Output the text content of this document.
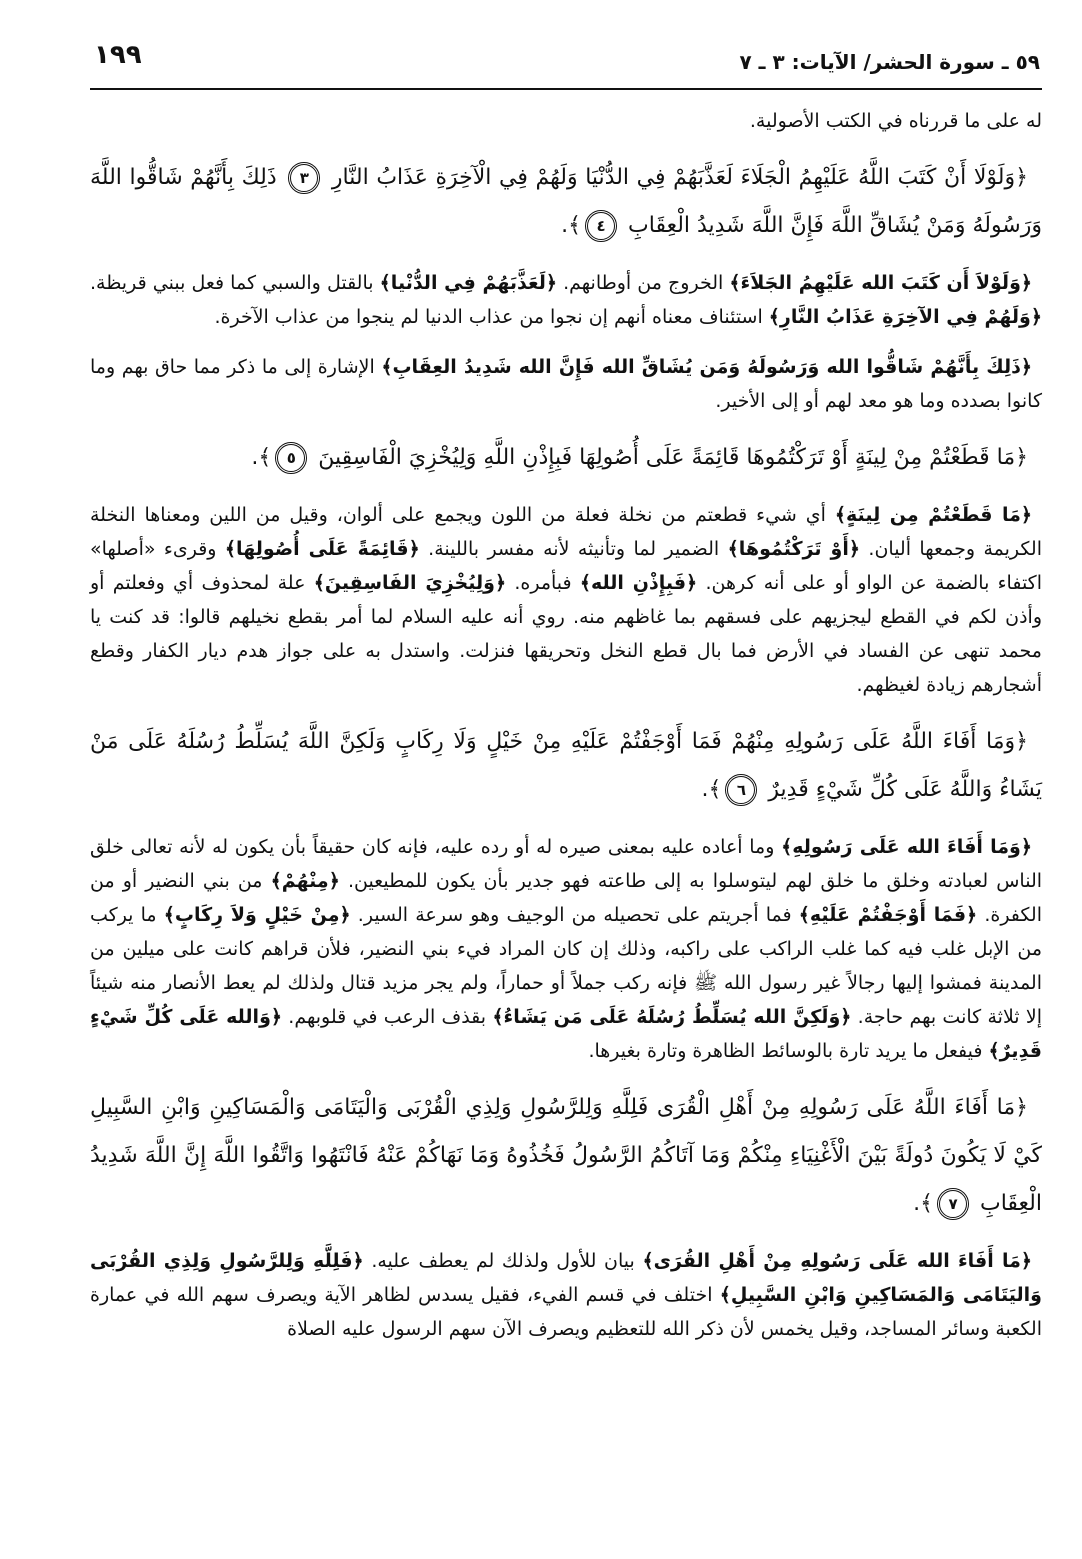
١٩٩	٥٩ ـ سورة الحشر/ الآيات: ٣ ـ ٧

له على ما قررناه في الكتب الأصولية.

﴿وَلَوْلَا أَنْ كَتَبَ اللَّهُ عَلَيْهِمُ الْجَلَاءَ لَعَذَّبَهُمْ فِي الدُّنْيَا وَلَهُمْ فِي الْآخِرَةِ عَذَابُ النَّارِ ٣ ذَلِكَ بِأَنَّهُمْ شَاقُّوا اللَّهَ وَرَسُولَهُ وَمَنْ يُشَاقِّ اللَّهَ فَإِنَّ اللَّهَ شَدِيدُ الْعِقَابِ ٤﴾.

﴿وَلَوْلاَ أَن كَتَبَ الله عَلَيْهِمُ الجَلاَءَ﴾ الخروج من أوطانهم. ﴿لَعَذَّبَهُمْ فِي الدُّنْيا﴾ بالقتل والسبي كما فعل ببني قريظة. ﴿وَلَهُمْ فِي الآخِرَةِ عَذَابُ النَّارِ﴾ استئناف معناه أنهم إن نجوا من عذاب الدنيا لم ينجوا من عذاب الآخرة.

﴿ذَلِكَ بِأَنَّهُمْ شَاقُّوا الله وَرَسُولَهُ وَمَن يُشَاقِّ الله فَإِنَّ الله شَدِيدُ العِقَابِ﴾ الإشارة إلى ما ذكر مما حاق بهم وما كانوا بصدده وما هو معد لهم أو إلى الأخير.

﴿مَا قَطَعْتُمْ مِنْ لِينَةٍ أَوْ تَرَكْتُمُوهَا قَائِمَةً عَلَى أُصُولِهَا فَبِإِذْنِ اللَّهِ وَلِيُخْزِيَ الْفَاسِقِينَ ٥﴾.

﴿مَا قَطَعْتُمْ مِن لِينَةٍ﴾ أي شيء قطعتم من نخلة فعلة من اللون ويجمع على ألوان، وقيل من اللين ومعناها النخلة الكريمة وجمعها أليان. ﴿أَوْ تَرَكْتُمُوهَا﴾ الضمير لما وتأنيثه لأنه مفسر باللينة. ﴿قَائِمَةً عَلَى أُصُولِهَا﴾ وقرىء «أصلها» اكتفاء بالضمة عن الواو أو على أنه كرهن. ﴿فَبِإِذْنِ الله﴾ فبأمره. ﴿وَلِيُخْزِيَ الفَاسِقِينَ﴾ علة لمحذوف أي وفعلتم أو وأذن لكم في القطع ليجزيهم على فسقهم بما غاظهم منه. روي أنه عليه السلام لما أمر بقطع نخيلهم قالوا: قد كنت يا محمد تنهى عن الفساد في الأرض فما بال قطع النخل وتحريقها فنزلت. واستدل به على جواز هدم ديار الكفار وقطع أشجارهم زيادة لغيظهم.

﴿وَمَا أَفَاءَ اللَّهُ عَلَى رَسُولِهِ مِنْهُمْ فَمَا أَوْجَفْتُمْ عَلَيْهِ مِنْ خَيْلٍ وَلَا رِكَابٍ وَلَكِنَّ اللَّهَ يُسَلِّطُ رُسُلَهُ عَلَى مَنْ يَشَاءُ وَاللَّهُ عَلَى كُلِّ شَيْءٍ قَدِيرٌ ٦﴾.

﴿وَمَا أَفَاءَ الله عَلَى رَسُولِهِ﴾ وما أعاده عليه بمعنى صيره له أو رده عليه، فإنه كان حقيقاً بأن يكون له لأنه تعالى خلق الناس لعبادته وخلق ما خلق لهم ليتوسلوا به إلى طاعته فهو جدير بأن يكون للمطيعين. ﴿مِنْهُمْ﴾ من بني النضير أو من الكفرة. ﴿فَمَا أَوْجَفْتُمْ عَلَيْهِ﴾ فما أجريتم على تحصيله من الوجيف وهو سرعة السير. ﴿مِنْ خَيْلٍ وَلاَ رِكَابٍ﴾ ما يركب من الإبل غلب فيه كما غلب الراكب على راكبه، وذلك إن كان المراد فيء بني النضير، فلأن قراهم كانت على ميلين من المدينة فمشوا إليها رجالاً غير رسول الله ﷺ فإنه ركب جملاً أو حماراً، ولم يجر مزيد قتال ولذلك لم يعط الأنصار منه شيئاً إلا ثلاثة كانت بهم حاجة. ﴿وَلَكِنَّ الله يُسَلِّطُ رُسُلَهُ عَلَى مَن يَشَاءُ﴾ بقذف الرعب في قلوبهم. ﴿وَالله عَلَى كُلِّ شَيْءٍ قَدِيرٌ﴾ فيفعل ما يريد تارة بالوسائط الظاهرة وتارة بغيرها.

﴿مَا أَفَاءَ اللَّهُ عَلَى رَسُولِهِ مِنْ أَهْلِ الْقُرَى فَلِلَّهِ وَلِلرَّسُولِ وَلِذِي الْقُرْبَى وَالْيَتَامَى وَالْمَسَاكِينِ وَابْنِ السَّبِيلِ كَيْ لَا يَكُونَ دُولَةً بَيْنَ الْأَغْنِيَاءِ مِنْكُمْ وَمَا آتَاكُمُ الرَّسُولُ فَخُذُوهُ وَمَا نَهَاكُمْ عَنْهُ فَانْتَهُوا وَاتَّقُوا اللَّهَ إِنَّ اللَّهَ شَدِيدُ الْعِقَابِ ٧﴾.

﴿مَا أَفَاءَ الله عَلَى رَسُولِهِ مِنْ أَهْلِ القُرَى﴾ بيان للأول ولذلك لم يعطف عليه. ﴿فَلِلَّهِ وَلِلرَّسُولِ وَلِذِي القُرْبَى وَاليَتَامَى وَالمَسَاكِينِ وَابْنِ السَّبِيلِ﴾ اختلف في قسم الفيء، فقيل يسدس لظاهر الآية ويصرف سهم الله في عمارة الكعبة وسائر المساجد، وقيل يخمس لأن ذكر الله للتعظيم ويصرف الآن سهم الرسول عليه الصلاة
